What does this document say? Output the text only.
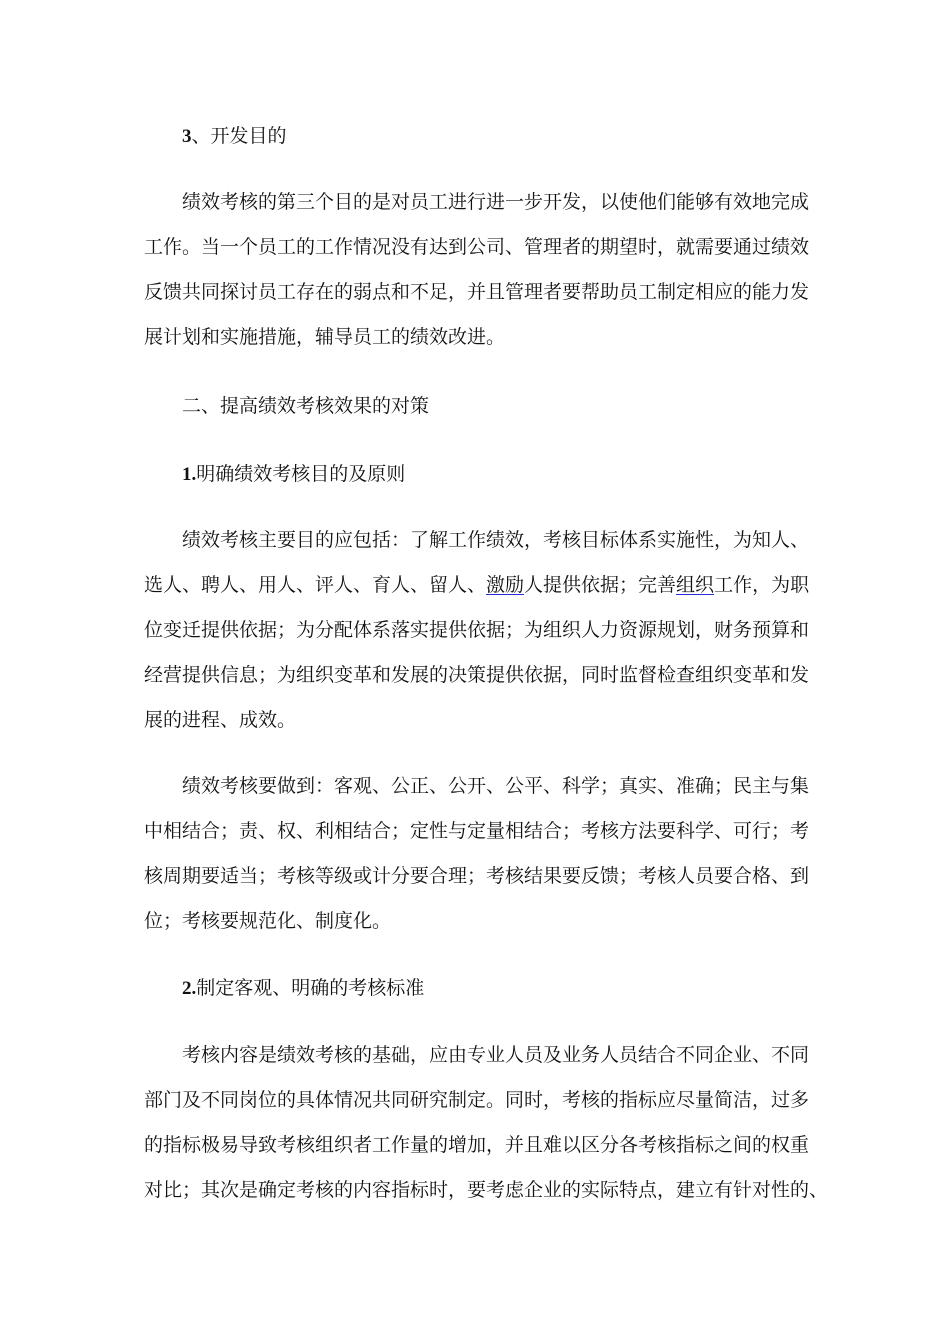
3、开发目的
绩效考核的第三个目的是对员工进行进一步开发，以使他们能够有效地完成
工作。当一个员工的工作情况没有达到公司、管理者的期望时，就需要通过绩效
反馈共同探讨员工存在的弱点和不足，并且管理者要帮助员工制定相应的能力发
展计划和实施措施，辅导员工的绩效改进。
二、提高绩效考核效果的对策
1.明确绩效考核目的及原则
绩效考核主要目的应包括：了解工作绩效，考核目标体系实施性，为知人、
选人、聘人、用人、评人、育人、留人、激励人提供依据；完善组织工作，为职
位变迁提供依据；为分配体系落实提供依据；为组织人力资源规划，财务预算和
经营提供信息；为组织变革和发展的决策提供依据，同时监督检查组织变革和发
展的进程、成效。
绩效考核要做到：客观、公正、公开、公平、科学；真实、准确；民主与集
中相结合；责、权、利相结合；定性与定量相结合；考核方法要科学、可行；考
核周期要适当；考核等级或计分要合理；考核结果要反馈；考核人员要合格、到
位；考核要规范化、制度化。
2.制定客观、明确的考核标准
考核内容是绩效考核的基础，应由专业人员及业务人员结合不同企业、不同
部门及不同岗位的具体情况共同研究制定。同时，考核的指标应尽量简洁，过多
的指标极易导致考核组织者工作量的增加，并且难以区分各考核指标之间的权重
对比；其次是确定考核的内容指标时，要考虑企业的实际特点，建立有针对性的、
